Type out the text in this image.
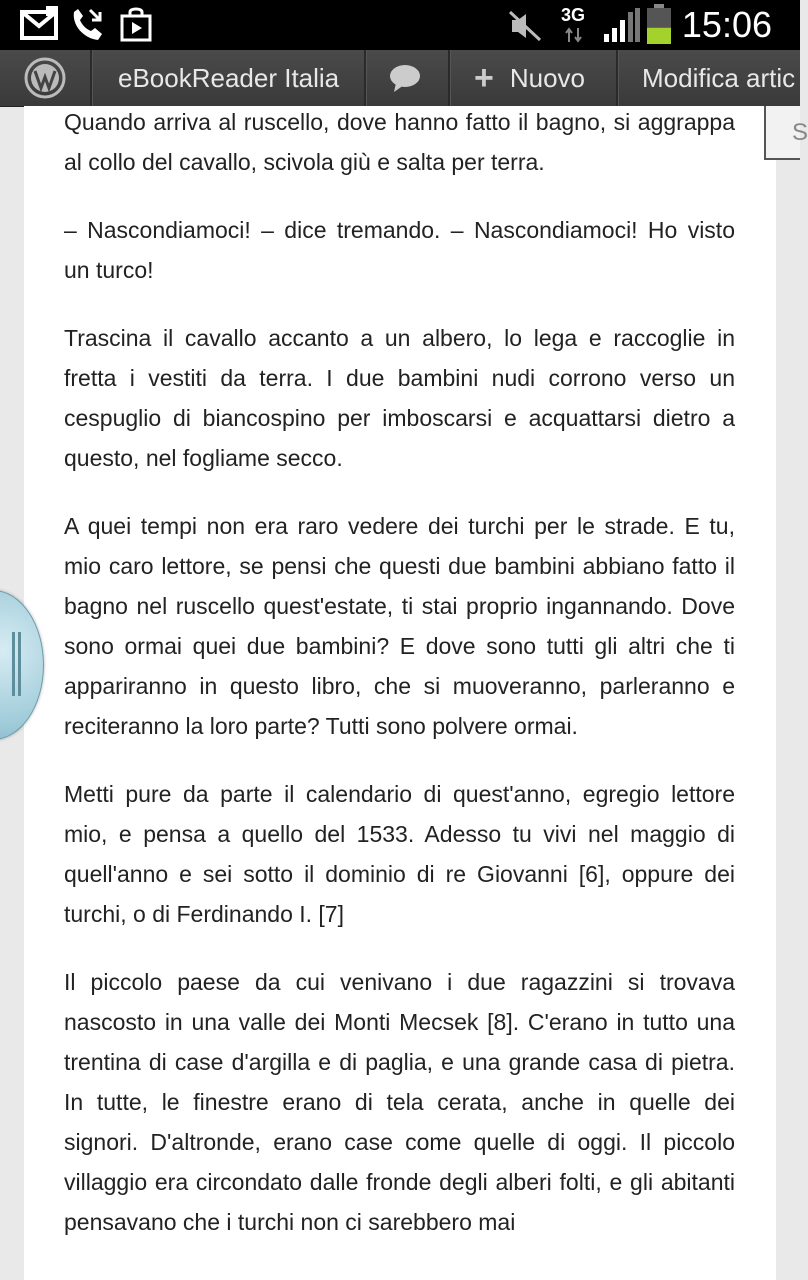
3G	15:06
eBookReader Italia	+ Nuovo Modifica artic

Quando arriva al ruscello, dove hanno fatto il bagno, si aggrappa al collo del cavallo, scivola giù e salta per terra.

– Nascondiamoci! – dice tremando. – Nascondiamoci! Ho visto un turco!

Trascina il cavallo accanto a un albero, lo lega e raccoglie in fretta i vestiti da terra. I due bambini nudi corrono verso un cespuglio di biancospino per imboscarsi e acquattarsi dietro a questo, nel fogliame secco.

A quei tempi non era raro vedere dei turchi per le strade. E tu, mio caro lettore, se pensi che questi due bambini abbiano fatto il bagno nel ruscello quest'estate, ti stai proprio ingannando. Dove sono ormai quei due bambini? E dove sono tutti gli altri che ti appariranno in questo libro, che si muoveranno, parleranno e reciteranno la loro parte? Tutti sono polvere ormai.

Metti pure da parte il calendario di quest'anno, egregio lettore mio, e pensa a quello del 1533. Adesso tu vivi nel maggio di quell'anno e sei sotto il dominio di re Giovanni [6], oppure dei turchi, o di Ferdinando I. [7]

Il piccolo paese da cui venivano i due ragazzini si trovava nascosto in una valle dei Monti Mecsek [8]. C'erano in tutto una trentina di case d'argilla e di paglia, e una grande casa di pietra. In tutte, le finestre erano di tela cerata, anche in quelle dei signori. D'altronde, erano case come quelle di oggi. Il piccolo villaggio era circondato dalle fronde degli alberi folti, e gli abitanti pensavano che i turchi non ci sarebbero mai

S
